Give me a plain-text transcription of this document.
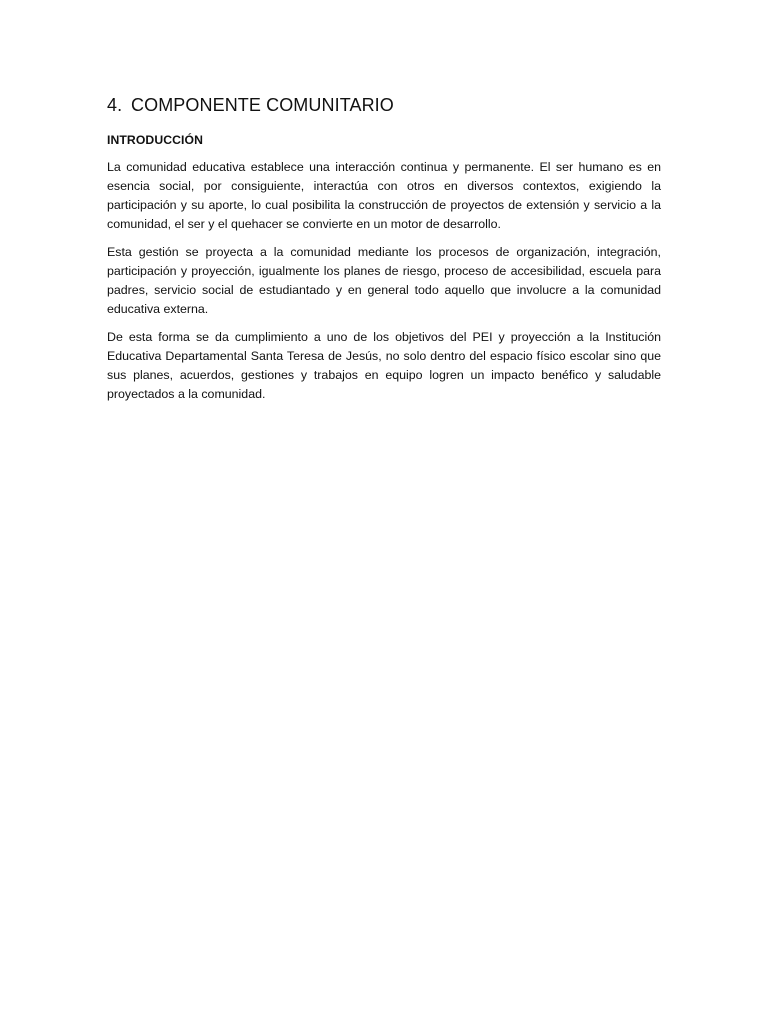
4. COMPONENTE COMUNITARIO
INTRODUCCIÓN

La comunidad educativa establece una interacción continua y permanente. El ser humano es en esencia social, por consiguiente, interactúa con otros en diversos contextos, exigiendo la participación y su aporte, lo cual posibilita la construcción de proyectos de extensión y servicio a la comunidad, el ser y el quehacer se convierte en un motor de desarrollo.

Esta gestión se proyecta a la comunidad mediante los procesos de organización, integración, participación y proyección, igualmente los planes de riesgo, proceso de accesibilidad, escuela para padres, servicio social de estudiantado y en general todo aquello que involucre a la comunidad educativa externa.

De esta forma se da cumplimiento a uno de los objetivos del PEI y proyección a la Institución Educativa Departamental Santa Teresa de Jesús, no solo dentro del espacio físico escolar sino que sus planes, acuerdos, gestiones y trabajos en equipo logren un impacto benéfico y saludable proyectados a la comunidad.
